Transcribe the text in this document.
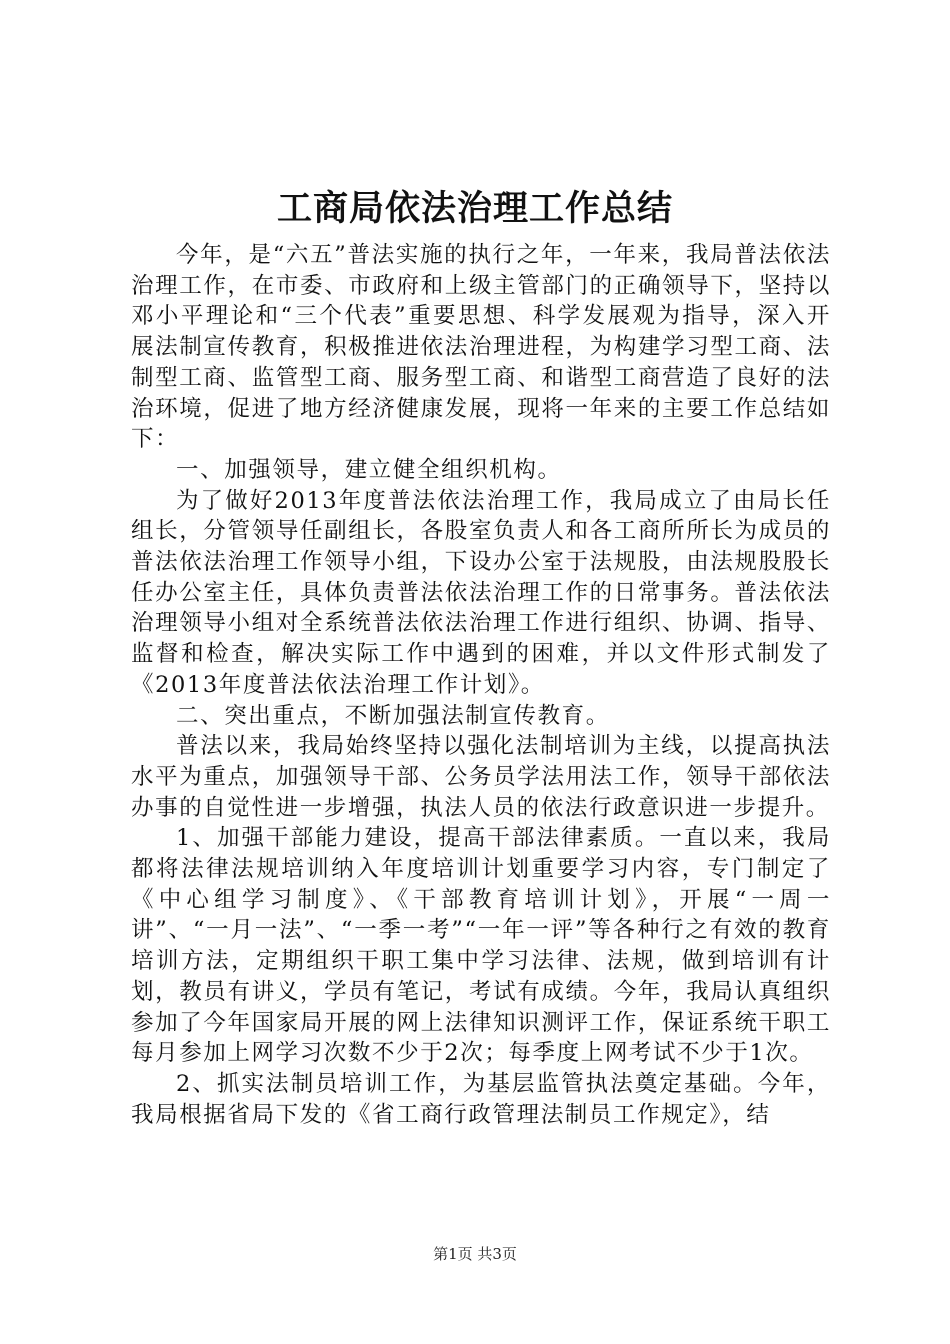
工商局依法治理工作总结

今年，是“六五”普法实施的执行之年，一年来，我局普法依法治理工作，在市委、市政府和上级主管部门的正确领导下，坚持以邓小平理论和“三个代表”重要思想、科学发展观为指导，深入开展法制宣传教育，积极推进依法治理进程，为构建学习型工商、法制型工商、监管型工商、服务型工商、和谐型工商营造了良好的法治环境，促进了地方经济健康发展，现将一年来的主要工作总结如下：

一、加强领导，建立健全组织机构。

为了做好2013年度普法依法治理工作，我局成立了由局长任组长，分管领导任副组长，各股室负责人和各工商所所长为成员的普法依法治理工作领导小组，下设办公室于法规股，由法规股股长任办公室主任，具体负责普法依法治理工作的日常事务。普法依法治理领导小组对全系统普法依法治理工作进行组织、协调、指导、监督和检查，解决实际工作中遇到的困难，并以文件形式制发了《2013年度普法依法治理工作计划》。

二、突出重点，不断加强法制宣传教育。

普法以来，我局始终坚持以强化法制培训为主线，以提高执法水平为重点，加强领导干部、公务员学法用法工作，领导干部依法办事的自觉性进一步增强，执法人员的依法行政意识进一步提升。

1、加强干部能力建设，提高干部法律素质。一直以来，我局都将法律法规培训纳入年度培训计划重要学习内容，专门制定了《中心组学习制度》、《干部教育培训计划》，开展“一周一讲”、“一月一法”、“一季一考”“一年一评”等各种行之有效的教育培训方法，定期组织干职工集中学习法律、法规，做到培训有计划，教员有讲义，学员有笔记，考试有成绩。今年，我局认真组织参加了今年国家局开展的网上法律知识测评工作，保证系统干职工每月参加上网学习次数不少于2次；每季度上网考试不少于1次。

2、抓实法制员培训工作，为基层监管执法奠定基础。今年，我局根据省局下发的《省工商行政管理法制员工作规定》，结

第1页 共3页
